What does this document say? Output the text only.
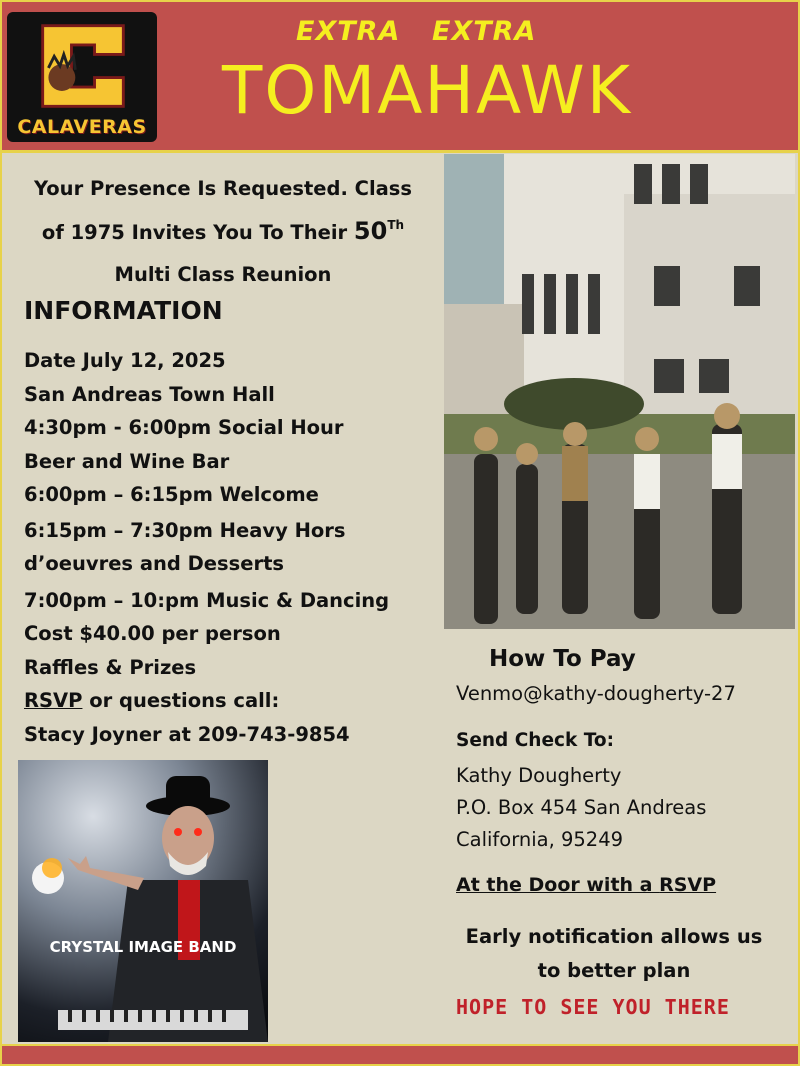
CALAVERAS
EXTRA EXTRA
TOMAHAWK
Your Presence Is Requested. Class
of 1975 Invites You To Their 50Th
Multi Class Reunion
INFORMATION
Date July 12, 2025
San Andreas Town Hall
4:30pm - 6:00pm Social Hour
Beer and Wine Bar
6:00pm – 6:15pm Welcome
6:15pm – 7:30pm Heavy Hors
d’oeuvres and Desserts
7:00pm – 10:pm Music & Dancing
Cost $40.00 per person
Raffles & Prizes
RSVP or questions call:
Stacy Joyner at 209-743-9854
CRYSTAL IMAGE BAND
How To Pay
Venmo@kathy-dougherty-27
Send Check To:
Kathy Dougherty
P.O. Box 454 San Andreas
California, 95249
At the Door with a RSVP
Early notification allows us
to better plan
HOPE TO SEE YOU THERE
